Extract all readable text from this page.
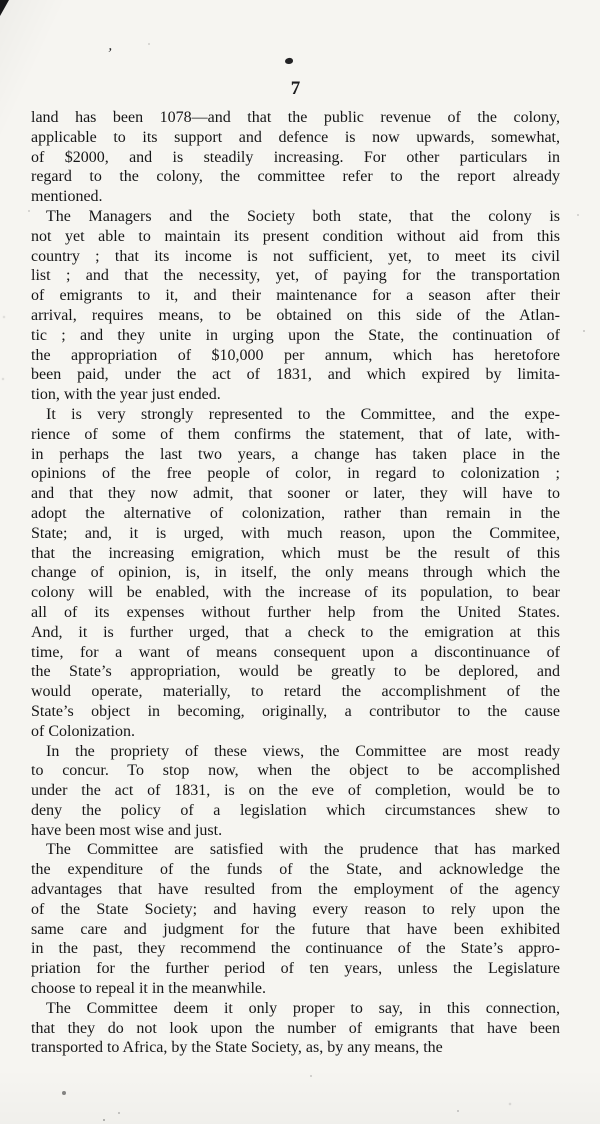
’
7
land has been 1078—and that the public revenue of the colony,
applicable to its support and defence is now upwards, somewhat,
of $2000, and is steadily increasing. For other particulars in
regard to the colony, the committee refer to the report already
mentioned.
The Managers and the Society both state, that the colony is
not yet able to maintain its present condition without aid from this
country ; that its income is not sufficient, yet, to meet its civil
list ; and that the necessity, yet, of paying for the transportation
of emigrants to it, and their maintenance for a season after their
arrival, requires means, to be obtained on this side of the Atlan-
tic ; and they unite in urging upon the State, the continuation of
the appropriation of $10,000 per annum, which has heretofore
been paid, under the act of 1831, and which expired by limita-
tion, with the year just ended.
It is very strongly represented to the Committee, and the expe-
rience of some of them confirms the statement, that of late, with-
in perhaps the last two years, a change has taken place in the
opinions of the free people of color, in regard to colonization ;
and that they now admit, that sooner or later, they will have to
adopt the alternative of colonization, rather than remain in the
State; and, it is urged, with much reason, upon the Commitee,
that the increasing emigration, which must be the result of this
change of opinion, is, in itself, the only means through which the
colony will be enabled, with the increase of its population, to bear
all of its expenses without further help from the United States.
And, it is further urged, that a check to the emigration at this
time, for a want of means consequent upon a discontinuance of
the State’s appropriation, would be greatly to be deplored, and
would operate, materially, to retard the accomplishment of the
State’s object in becoming, originally, a contributor to the cause
of Colonization.
In the propriety of these views, the Committee are most ready
to concur. To stop now, when the object to be accomplished
under the act of 1831, is on the eve of completion, would be to
deny the policy of a legislation which circumstances shew to
have been most wise and just.
The Committee are satisfied with the prudence that has marked
the expenditure of the funds of the State, and acknowledge the
advantages that have resulted from the employment of the agency
of the State Society; and having every reason to rely upon the
same care and judgment for the future that have been exhibited
in the past, they recommend the continuance of the State’s appro-
priation for the further period of ten years, unless the Legislature
choose to repeal it in the meanwhile.
The Committee deem it only proper to say, in this connection,
that they do not look upon the number of emigrants that have been
transported to Africa, by the State Society, as, by any means, the
